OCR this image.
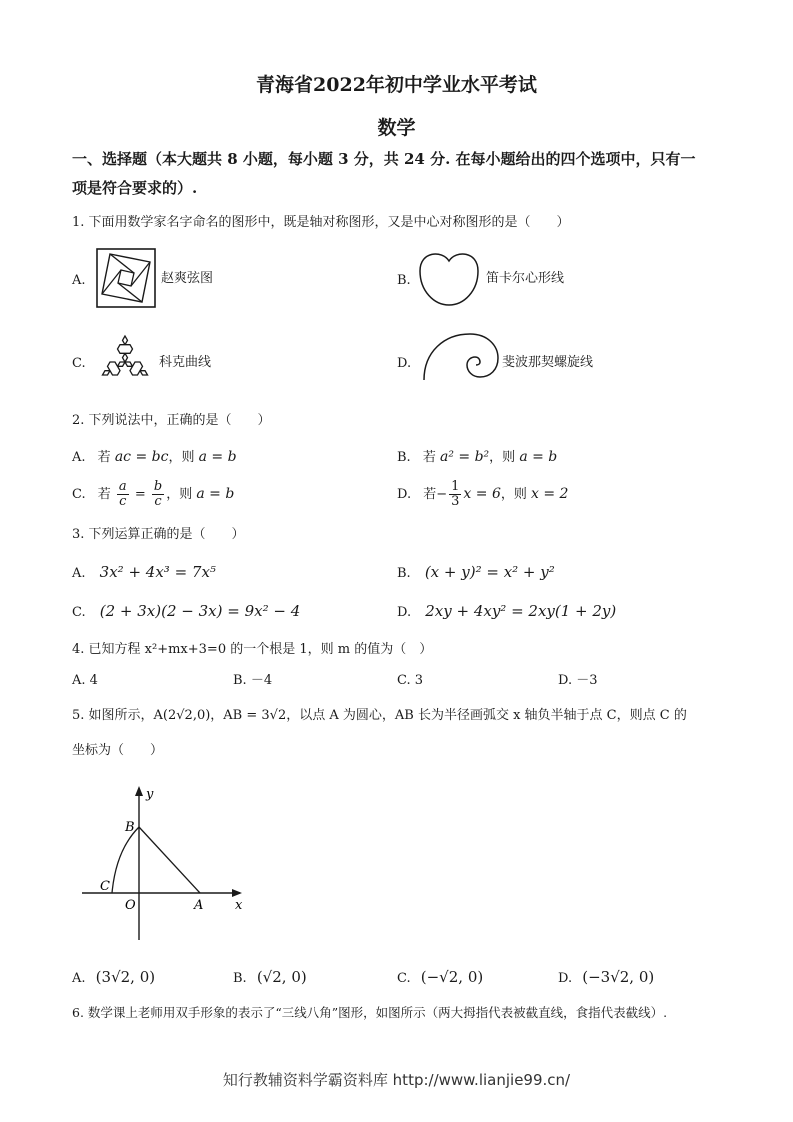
青海省2022年初中学业水平考试
数学
一、选择题（本大题共 8 小题，每小题 3 分，共 24 分. 在每小题给出的四个选项中，只有一
项是符合要求的）.
1. 下面用数学家名字命名的图形中，既是轴对称图形，又是中心对称图形的是（　　）
A.	赵爽弦图	B.	笛卡尔心形线
C.	科克曲线	D.	斐波那契螺旋线
2. 下列说法中，正确的是（　　）
A. 若 ac = bc，则 a = b	B. 若 a² = b²，则 a = b
C. 若 $\frac{a}{c} = \frac{b}{c}$ ，则 a = b	D. 若− $\frac{1}{3}$ x = 6，则 x = 2
3. 下列运算正确的是（　　）
A. 3x² + 4x³ = 7x⁵	B. (x + y)² = x² + y²
C. (2 + 3x)(2 − 3x) = 9x² − 4	D. 2xy + 4xy² = 2xy(1 + 2y)
4. 已知方程 x²+mx+3=0 的一个根是 1，则 m 的值为（　）
A. 4	B. －4	C. 3	D. －3
5. 如图所示，A(2√2,0)，AB = 3√2，以点 A 为圆心，AB 长为半径画弧交 x 轴负半轴于点 C，则点 C 的
坐标为（　　）
y
B
C
O	A x
A. (3√2, 0)	B. (√2, 0)	C. (−√2, 0)	D. (−3√2, 0)
6. 数学课上老师用双手形象的表示了“三线八角”图形，如图所示（两大拇指代表被截直线，食指代表截线）.
知行教辅资料学霸资料库 http://www.lianjie99.cn/
